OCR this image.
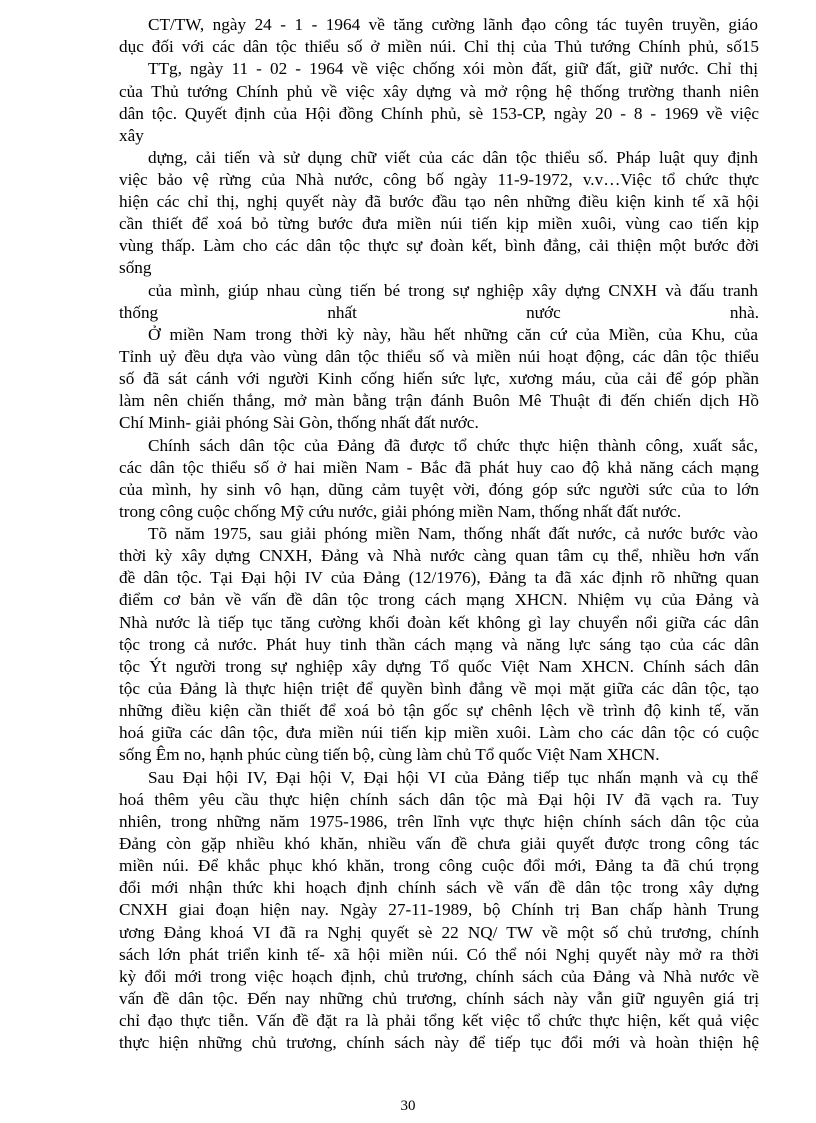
CT/TW, ngày 24 - 1 - 1964 về tăng cường lãnh đạo công tác tuyên truyền, giáo
dục đối với các dân tộc thiểu số ở miền núi. Chỉ thị của Thủ tướng Chính phủ, số15
TTg, ngày 11 - 02 - 1964 về việc chống xói mòn đất, giữ đất, giữ nước. Chỉ thị
của Thủ tướng Chính phủ về việc xây dựng và mở rộng hệ thống trường thanh niên
dân tộc. Quyết định của Hội đồng Chính phủ, sè 153-CP, ngày 20 - 8 - 1969 về việc
xây
dựng, cải tiến và sử dụng chữ viết của các dân tộc thiểu số. Pháp luật quy định
việc bảo vệ rừng của Nhà nước, công bố ngày 11-9-1972, v.v…Việc tổ chức thực
hiện các chỉ thị, nghị quyết này đã bước đầu tạo nên những điều kiện kinh tế xã hội
cần thiết để xoá bỏ từng bước đưa miền núi tiến kịp miền xuôi, vùng cao tiến kịp
vùng thấp. Làm cho các dân tộc thực sự đoàn kết, bình đẳng, cải thiện một bước đời
sống
của mình, giúp nhau cùng tiến bé trong sự nghiệp xây dựng CNXH và đấu tranh
thống nhất nước nhà.
Ở miền Nam trong thời kỳ này, hầu hết những căn cứ của Miền, của Khu, của
Tỉnh uỷ đều dựa vào vùng dân tộc thiểu số và miền núi hoạt động, các dân tộc thiểu
số đã sát cánh với người Kinh cống hiến sức lực, xương máu, của cải để góp phần
làm nên chiến thắng, mở màn bằng trận đánh Buôn Mê Thuật đi đến chiến dịch Hồ
Chí Minh- giải phóng Sài Gòn, thống nhất đất nước.
Chính sách dân tộc của Đảng đã được tổ chức thực hiện thành công, xuất sắc,
các dân tộc thiểu số ở hai miền Nam - Bắc đã phát huy cao độ khả năng cách mạng
của mình, hy sinh vô hạn, dũng cảm tuyệt vời, đóng góp sức người sức của to lớn
trong công cuộc chống Mỹ cứu nước, giải phóng miền Nam, thống nhất đất nước.
Tõ năm 1975, sau giải phóng miền Nam, thống nhất đất nước, cả nước bước vào
thời kỳ xây dựng CNXH, Đảng và Nhà nước càng quan tâm cụ thể, nhiều hơn vấn
đề dân tộc. Tại Đại hội IV của Đảng (12/1976), Đảng ta đã xác định rõ những quan
điểm cơ bản về vấn đề dân tộc trong cách mạng XHCN. Nhiệm vụ của Đảng và
Nhà nước là tiếp tục tăng cường khối đoàn kết không gì lay chuyển nổi giữa các dân
tộc trong cả nước. Phát huy tinh thần cách mạng và năng lực sáng tạo của các dân
tộc Ýt người trong sự nghiệp xây dựng Tổ quốc Việt Nam XHCN. Chính sách dân
tộc của Đảng là thực hiện triệt để quyền bình đẳng về mọi mặt giữa các dân tộc, tạo
những điều kiện cần thiết để xoá bỏ tận gốc sự chênh lệch về trình độ kinh tế, văn
hoá giữa các dân tộc, đưa miền núi tiến kịp miền xuôi. Làm cho các dân tộc có cuộc
sống Êm no, hạnh phúc cùng tiến bộ, cùng làm chủ Tổ quốc Việt Nam XHCN.
Sau Đại hội IV, Đại hội V, Đại hội VI của Đảng tiếp tục nhấn mạnh và cụ thể
hoá thêm yêu cầu thực hiện chính sách dân tộc mà Đại hội IV đã vạch ra. Tuy
nhiên, trong những năm 1975-1986, trên lĩnh vực thực hiện chính sách dân tộc của
Đảng còn gặp nhiều khó khăn, nhiều vấn đề chưa giải quyết được trong công tác
miền núi. Để khắc phục khó khăn, trong công cuộc đổi mới, Đảng ta đã chú trọng
đổi mới nhận thức khi hoạch định chính sách về vấn đề dân tộc trong xây dựng
CNXH giai đoạn hiện nay. Ngày 27-11-1989, bộ Chính trị Ban chấp hành Trung
ương Đảng khoá VI đã ra Nghị quyết sè 22 NQ/ TW về một số chủ trương, chính
sách lớn phát triển kinh tế- xã hội miền núi. Có thể nói Nghị quyết này mở ra thời
kỳ đổi mới trong việc hoạch định, chủ trương, chính sách của Đảng và Nhà nước về
vấn đề dân tộc. Đến nay những chủ trương, chính sách này vẫn giữ nguyên giá trị
chỉ đạo thực tiễn. Vấn đề đặt ra là phải tổng kết việc tổ chức thực hiện, kết quả việc
thực hiện những chủ trương, chính sách này để tiếp tục đổi mới và hoàn thiện hệ
30
